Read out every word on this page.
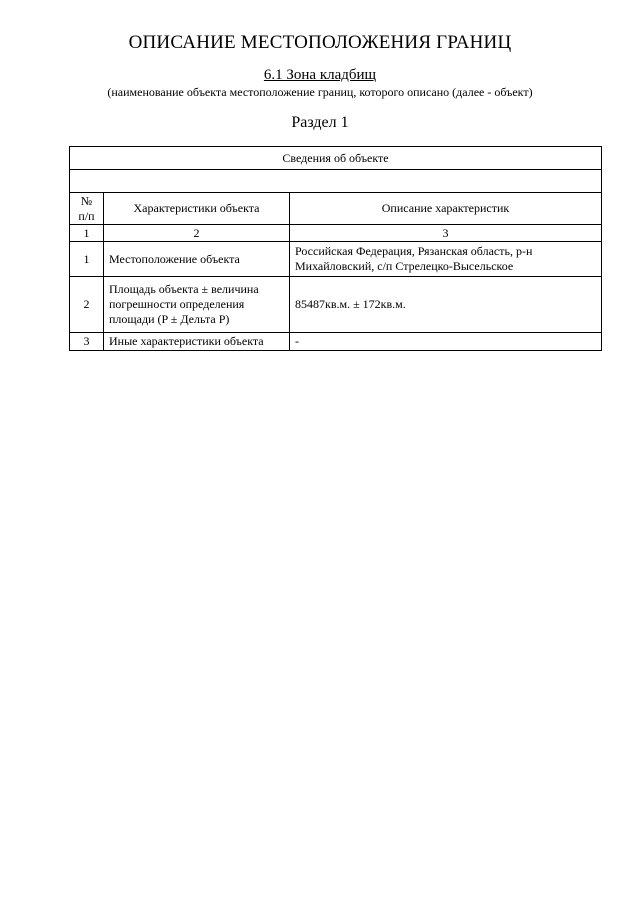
ОПИСАНИЕ МЕСТОПОЛОЖЕНИЯ ГРАНИЦ
6.1 Зона кладбищ
(наименование объекта местоположение границ, которого описано (далее - объект)
Раздел 1
Сведения об объекте		

№
п/п	Характеристики объекта	Описание характеристик
1	2	3
1	Местоположение объекта	Российская Федерация, Рязанская область, р-н
Михайловский, с/п Стрелецко-Высельское

2	Площадь объекта ± величина
погрешности определения
площади (P ± Дельта P)	85487кв.м. ± 172кв.м.
3	Иные характеристики объекта	-
